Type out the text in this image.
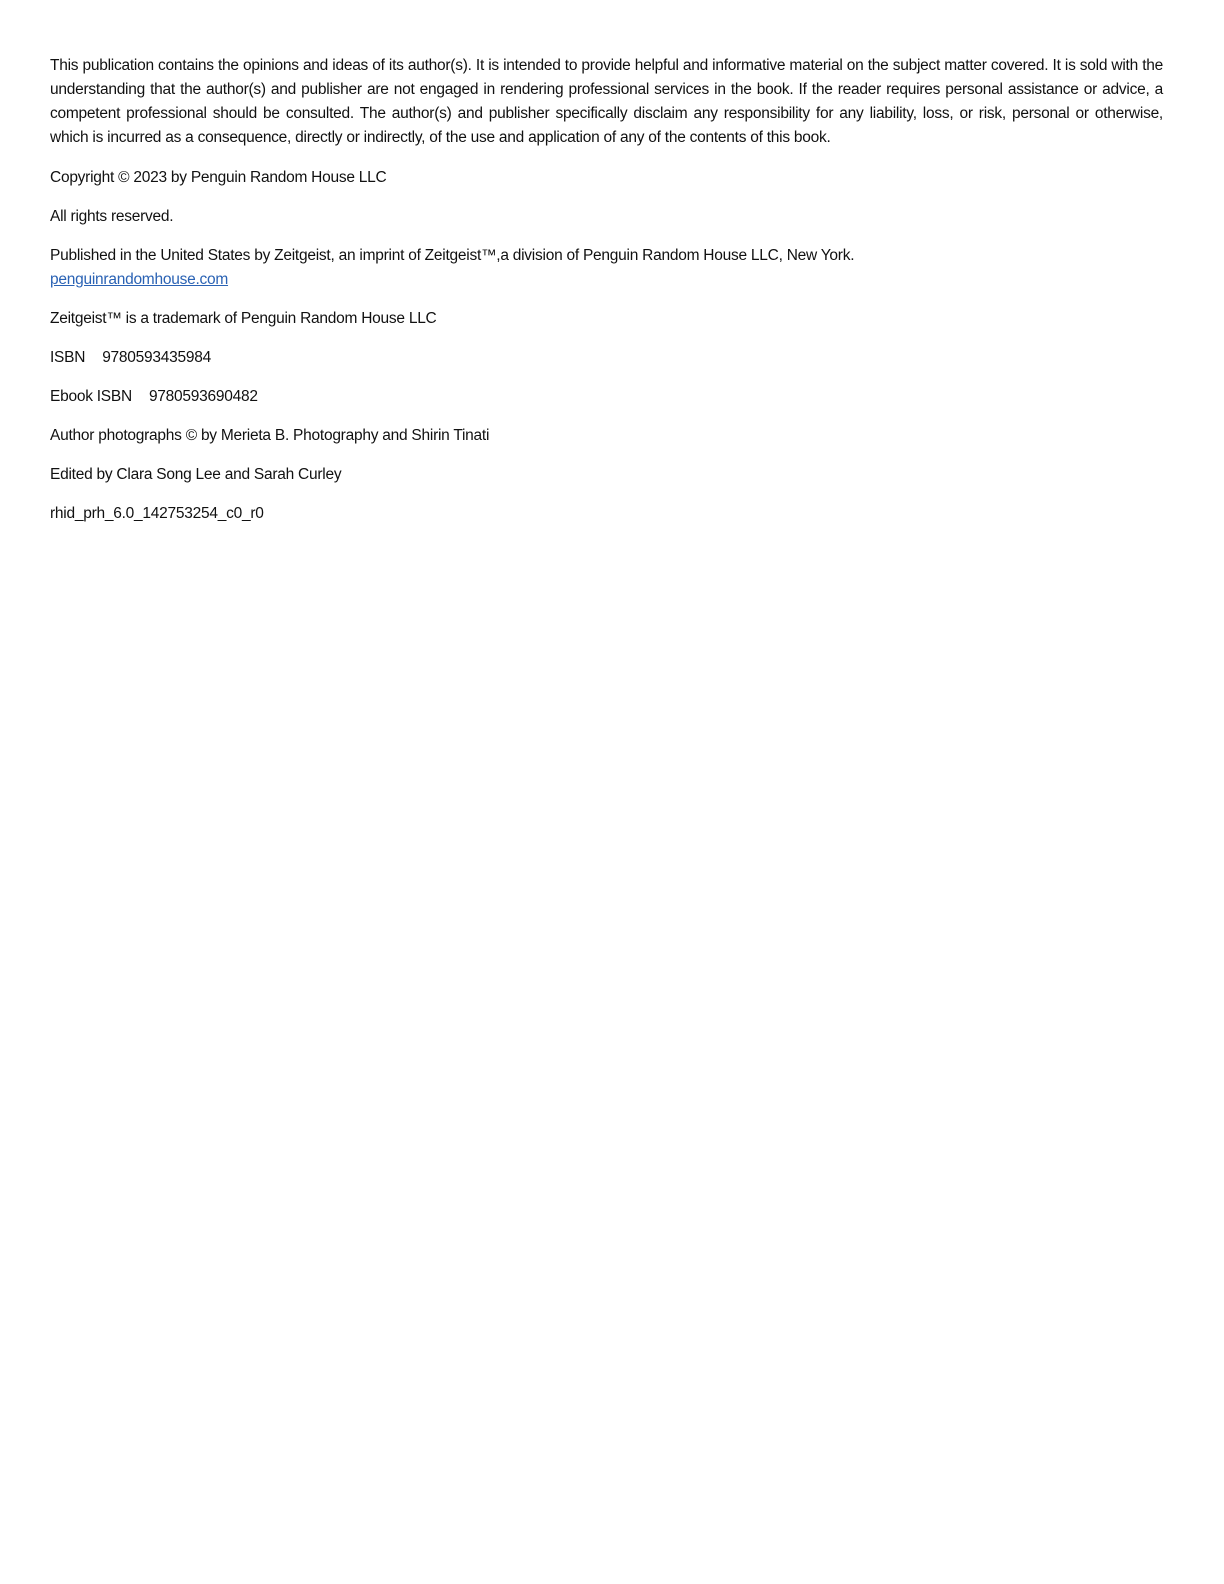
This publication contains the opinions and ideas of its author(s). It is intended to provide helpful and informative material on the subject matter covered. It is sold with the understanding that the author(s) and publisher are not engaged in rendering professional services in the book. If the reader requires personal assistance or advice, a competent professional should be consulted. The author(s) and publisher specifically disclaim any responsibility for any liability, loss, or risk, personal or otherwise, which is incurred as a consequence, directly or indirectly, of the use and application of any of the contents of this book.

Copyright © 2023 by Penguin Random House LLC

All rights reserved.

Published in the United States by Zeitgeist, an imprint of Zeitgeist™,a division of Penguin Random House LLC, New York.
penguinrandomhouse.com

Zeitgeist™ is a trademark of Penguin Random House LLC

ISBN 9780593435984

Ebook ISBN 9780593690482

Author photographs © by Merieta B. Photography and Shirin Tinati

Edited by Clara Song Lee and Sarah Curley

rhid_prh_6.0_142753254_c0_r0
